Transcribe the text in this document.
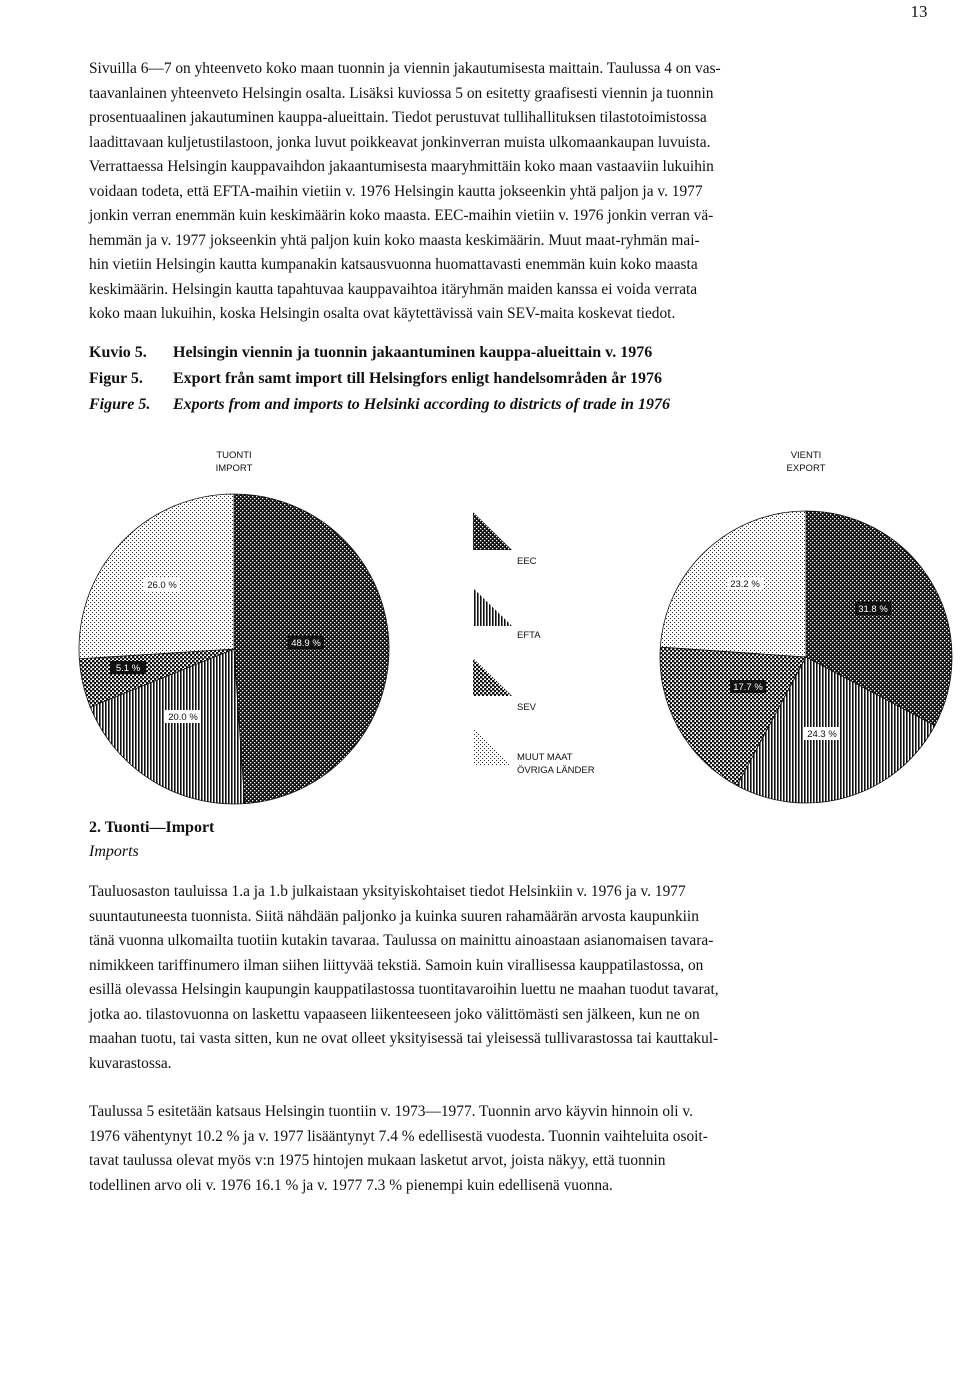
13
Sivuilla 6—7 on yhteenveto koko maan tuonnin ja viennin jakautumisesta maittain. Taulussa 4 on vas-
taavanlainen yhteenveto Helsingin osalta. Lisäksi kuviossa 5 on esitetty graafisesti viennin ja tuonnin
prosentuaalinen jakautuminen kauppa-alueittain. Tiedot perustuvat tullihallituksen tilastotoimistossa
laadittavaan kuljetustilastoon, jonka luvut poikkeavat jonkinverran muista ulkomaankaupan luvuista.
Verrattaessa Helsingin kauppavaihdon jakaantumisesta maaryhmittäin koko maan vastaaviin lukuihin
voidaan todeta, että EFTA-maihin vietiin v. 1976 Helsingin kautta jokseenkin yhtä paljon ja v. 1977
jonkin verran enemmän kuin keskimäärin koko maasta. EEC-maihin vietiin v. 1976 jonkin verran vä-
hemmän ja v. 1977 jokseenkin yhtä paljon kuin koko maasta keskimäärin. Muut maat-ryhmän mai-
hin vietiin Helsingin kautta kumpanakin katsausvuonna huomattavasti enemmän kuin koko maasta
keskimäärin. Helsingin kautta tapahtuvaa kauppavaihtoa itäryhmän maiden kanssa ei voida verrata
koko maan lukuihin, koska Helsingin osalta ovat käytettävissä vain SEV-maita koskevat tiedot.
Kuvio 5.	Helsingin viennin ja tuonnin jakaantuminen kauppa-alueittain v. 1976
Figur 5.	Export från samt import till Helsingfors enligt handelsområden år 1976
Figure 5.	Exports from and imports to Helsinki according to districts of trade in 1976
TUONTI
IMPORT
48.9 %
20.0 %
5.1 %
26.0 %
VIENTI
EXPORT
31.8 %
24.3 %
17.7 %
23.2 %
EEC
EFTA
SEV
MUUT MAAT
ÖVRIGA LÄNDER
2. Tuonti—Import
Imports
Tauluosaston tauluissa 1.a ja 1.b julkaistaan yksityiskohtaiset tiedot Helsinkiin v. 1976 ja v. 1977
suuntautuneesta tuonnista. Siitä nähdään paljonko ja kuinka suuren rahamäärän arvosta kaupunkiin
tänä vuonna ulkomailta tuotiin kutakin tavaraa. Taulussa on mainittu ainoastaan asianomaisen tavara-
nimikkeen tariffinumero ilman siihen liittyvää tekstiä. Samoin kuin virallisessa kauppatilastossa, on
esillä olevassa Helsingin kaupungin kauppatilastossa tuontitavaroihin luettu ne maahan tuodut tavarat,
jotka ao. tilastovuonna on laskettu vapaaseen liikenteeseen joko välittömästi sen jälkeen, kun ne on
maahan tuotu, tai vasta sitten, kun ne ovat olleet yksityisessä tai yleisessä tullivarastossa tai kauttakul-
kuvarastossa.
Taulussa 5 esitetään katsaus Helsingin tuontiin v. 1973—1977. Tuonnin arvo käyvin hinnoin oli v.
1976 vähentynyt 10.2 % ja v. 1977 lisääntynyt 7.4 % edellisestä vuodesta. Tuonnin vaihteluita osoit-
tavat taulussa olevat myös v:n 1975 hintojen mukaan lasketut arvot, joista näkyy, että tuonnin
todellinen arvo oli v. 1976 16.1 % ja v. 1977 7.3 % pienempi kuin edellisenä vuonna.
